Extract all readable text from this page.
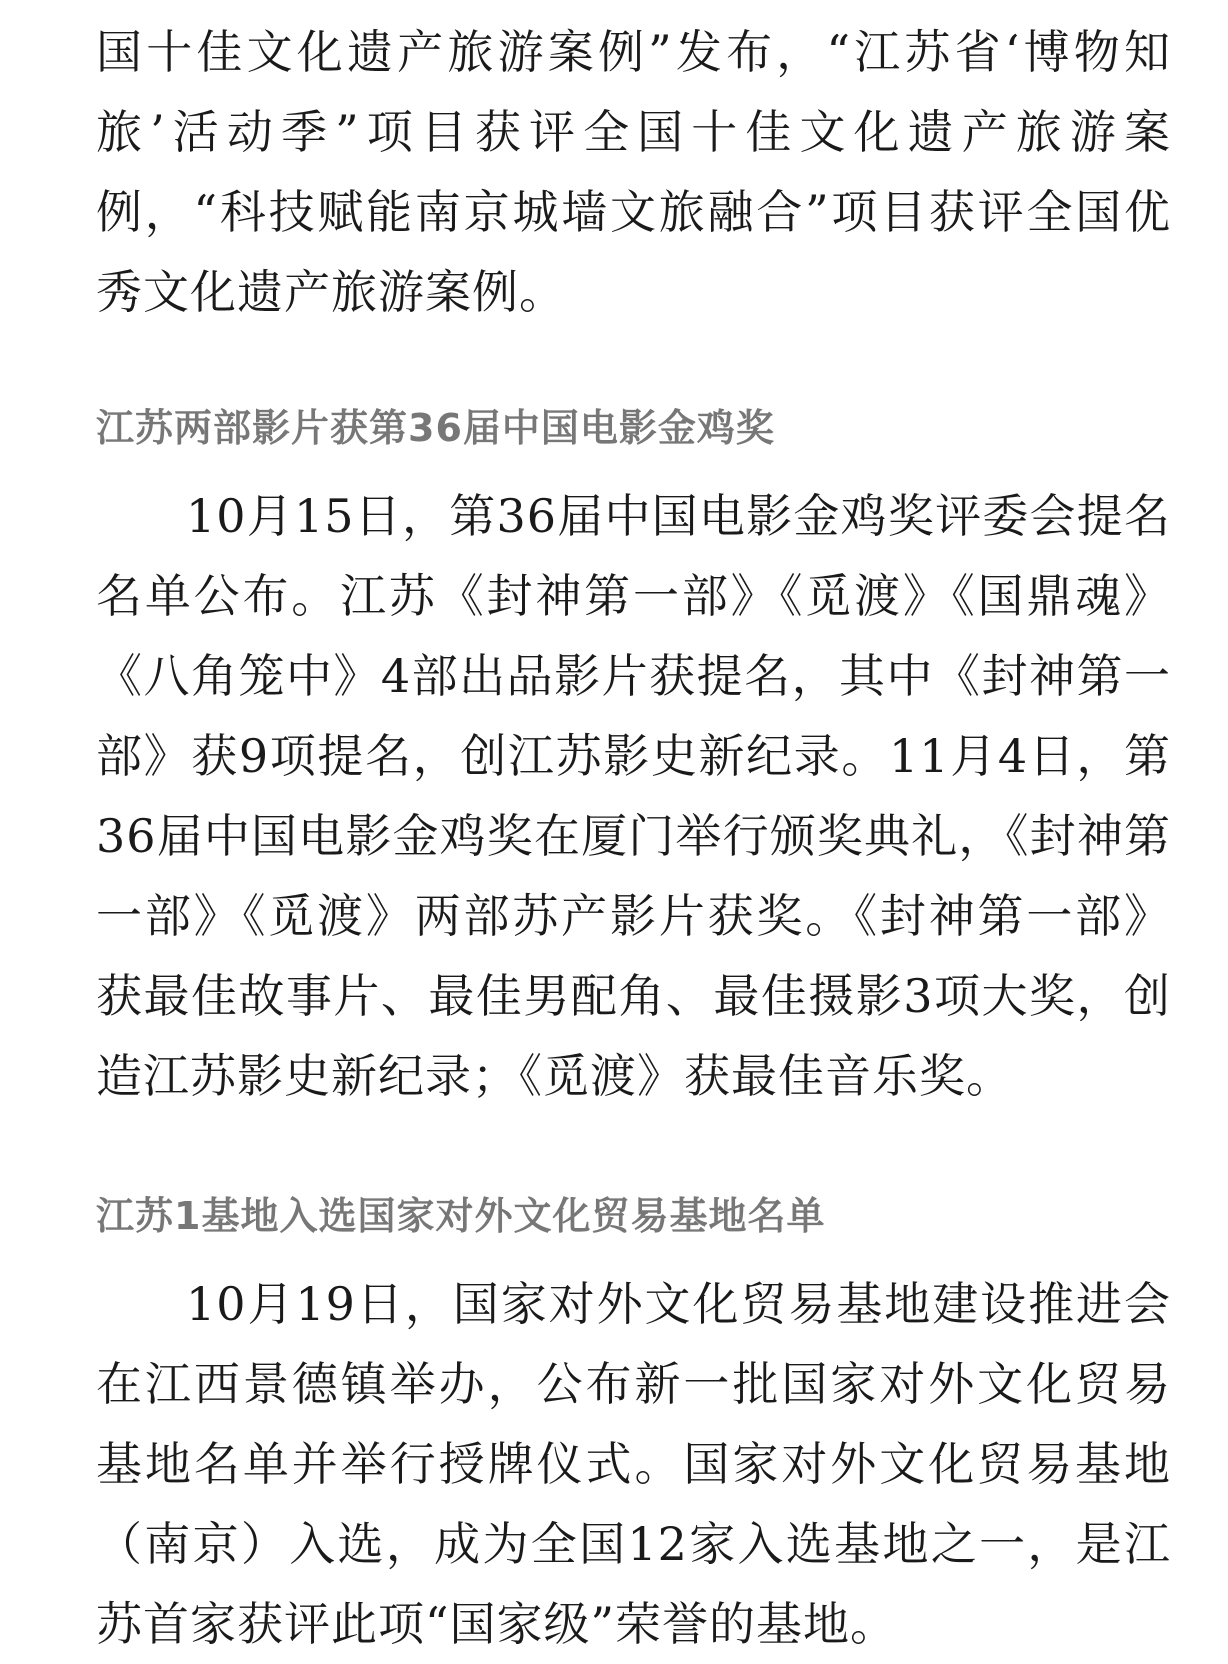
国十佳文化遗产旅游案例”发布，“江苏省‘博物知旅’活动季”项目获评全国十佳文化遗产旅游案例，“科技赋能南京城墙文旅融合”项目获评全国优秀文化遗产旅游案例。

江苏两部影片获第36届中国电影金鸡奖

10月15日，第36届中国电影金鸡奖评委会提名名单公布。江苏《封神第一部》《觅渡》《国鼎魂》《八角笼中》4部出品影片获提名，其中《封神第一部》获9项提名，创江苏影史新纪录。11月4日，第36届中国电影金鸡奖在厦门举行颁奖典礼，《封神第一部》《觅渡》两部苏产影片获奖。《封神第一部》获最佳故事片、最佳男配角、最佳摄影3项大奖，创造江苏影史新纪录；《觅渡》获最佳音乐奖。

江苏1基地入选国家对外文化贸易基地名单

10月19日，国家对外文化贸易基地建设推进会在江西景德镇举办，公布新一批国家对外文化贸易基地名单并举行授牌仪式。国家对外文化贸易基地（南京）入选，成为全国12家入选基地之一，是江苏首家获评此项“国家级”荣誉的基地。
